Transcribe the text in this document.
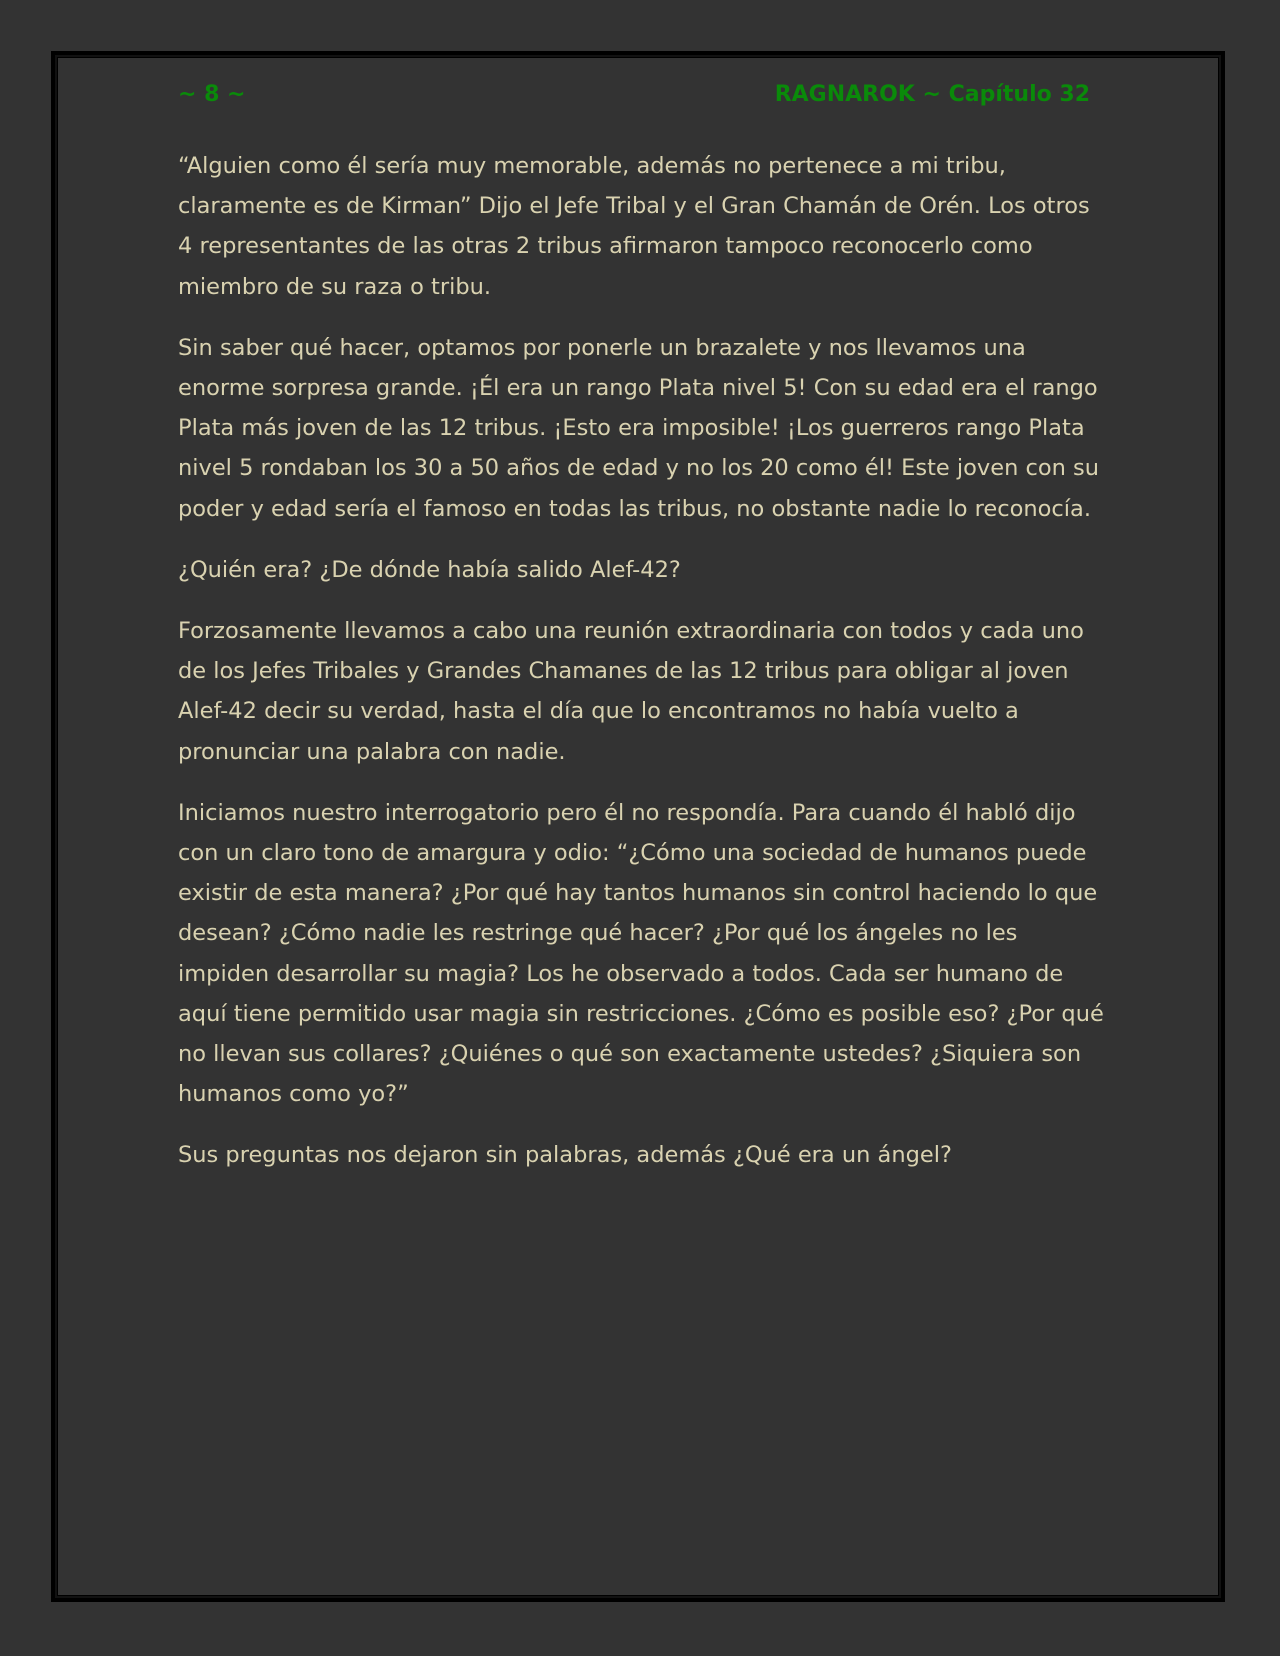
~ 8 ~	RAGNAROK ~ Capítulo 32

“Alguien como él sería muy memorable, además no pertenece a mi tribu, claramente es de Kirman” Dijo el Jefe Tribal y el Gran Chamán de Orén. Los otros 4 representantes de las otras 2 tribus afirmaron tampoco reconocerlo como miembro de su raza o tribu.

Sin saber qué hacer, optamos por ponerle un brazalete y nos llevamos una enorme sorpresa grande. ¡Él era un rango Plata nivel 5! Con su edad era el rango Plata más joven de las 12 tribus. ¡Esto era imposible! ¡Los guerreros rango Plata nivel 5 rondaban los 30 a 50 años de edad y no los 20 como él! Este joven con su poder y edad sería el famoso en todas las tribus, no obstante nadie lo reconocía.

¿Quién era? ¿De dónde había salido Alef-42?

Forzosamente llevamos a cabo una reunión extraordinaria con todos y cada uno de los Jefes Tribales y Grandes Chamanes de las 12 tribus para obligar al joven Alef-42 decir su verdad, hasta el día que lo encontramos no había vuelto a pronunciar una palabra con nadie.

Iniciamos nuestro interrogatorio pero él no respondía. Para cuando él habló dijo con un claro tono de amargura y odio: “¿Cómo una sociedad de humanos puede existir de esta manera? ¿Por qué hay tantos humanos sin control haciendo lo que desean? ¿Cómo nadie les restringe qué hacer? ¿Por qué los ángeles no les impiden desarrollar su magia? Los he observado a todos. Cada ser humano de aquí tiene permitido usar magia sin restricciones. ¿Cómo es posible eso? ¿Por qué no llevan sus collares? ¿Quiénes o qué son exactamente ustedes? ¿Siquiera son humanos como yo?”

Sus preguntas nos dejaron sin palabras, además ¿Qué era un ángel?
